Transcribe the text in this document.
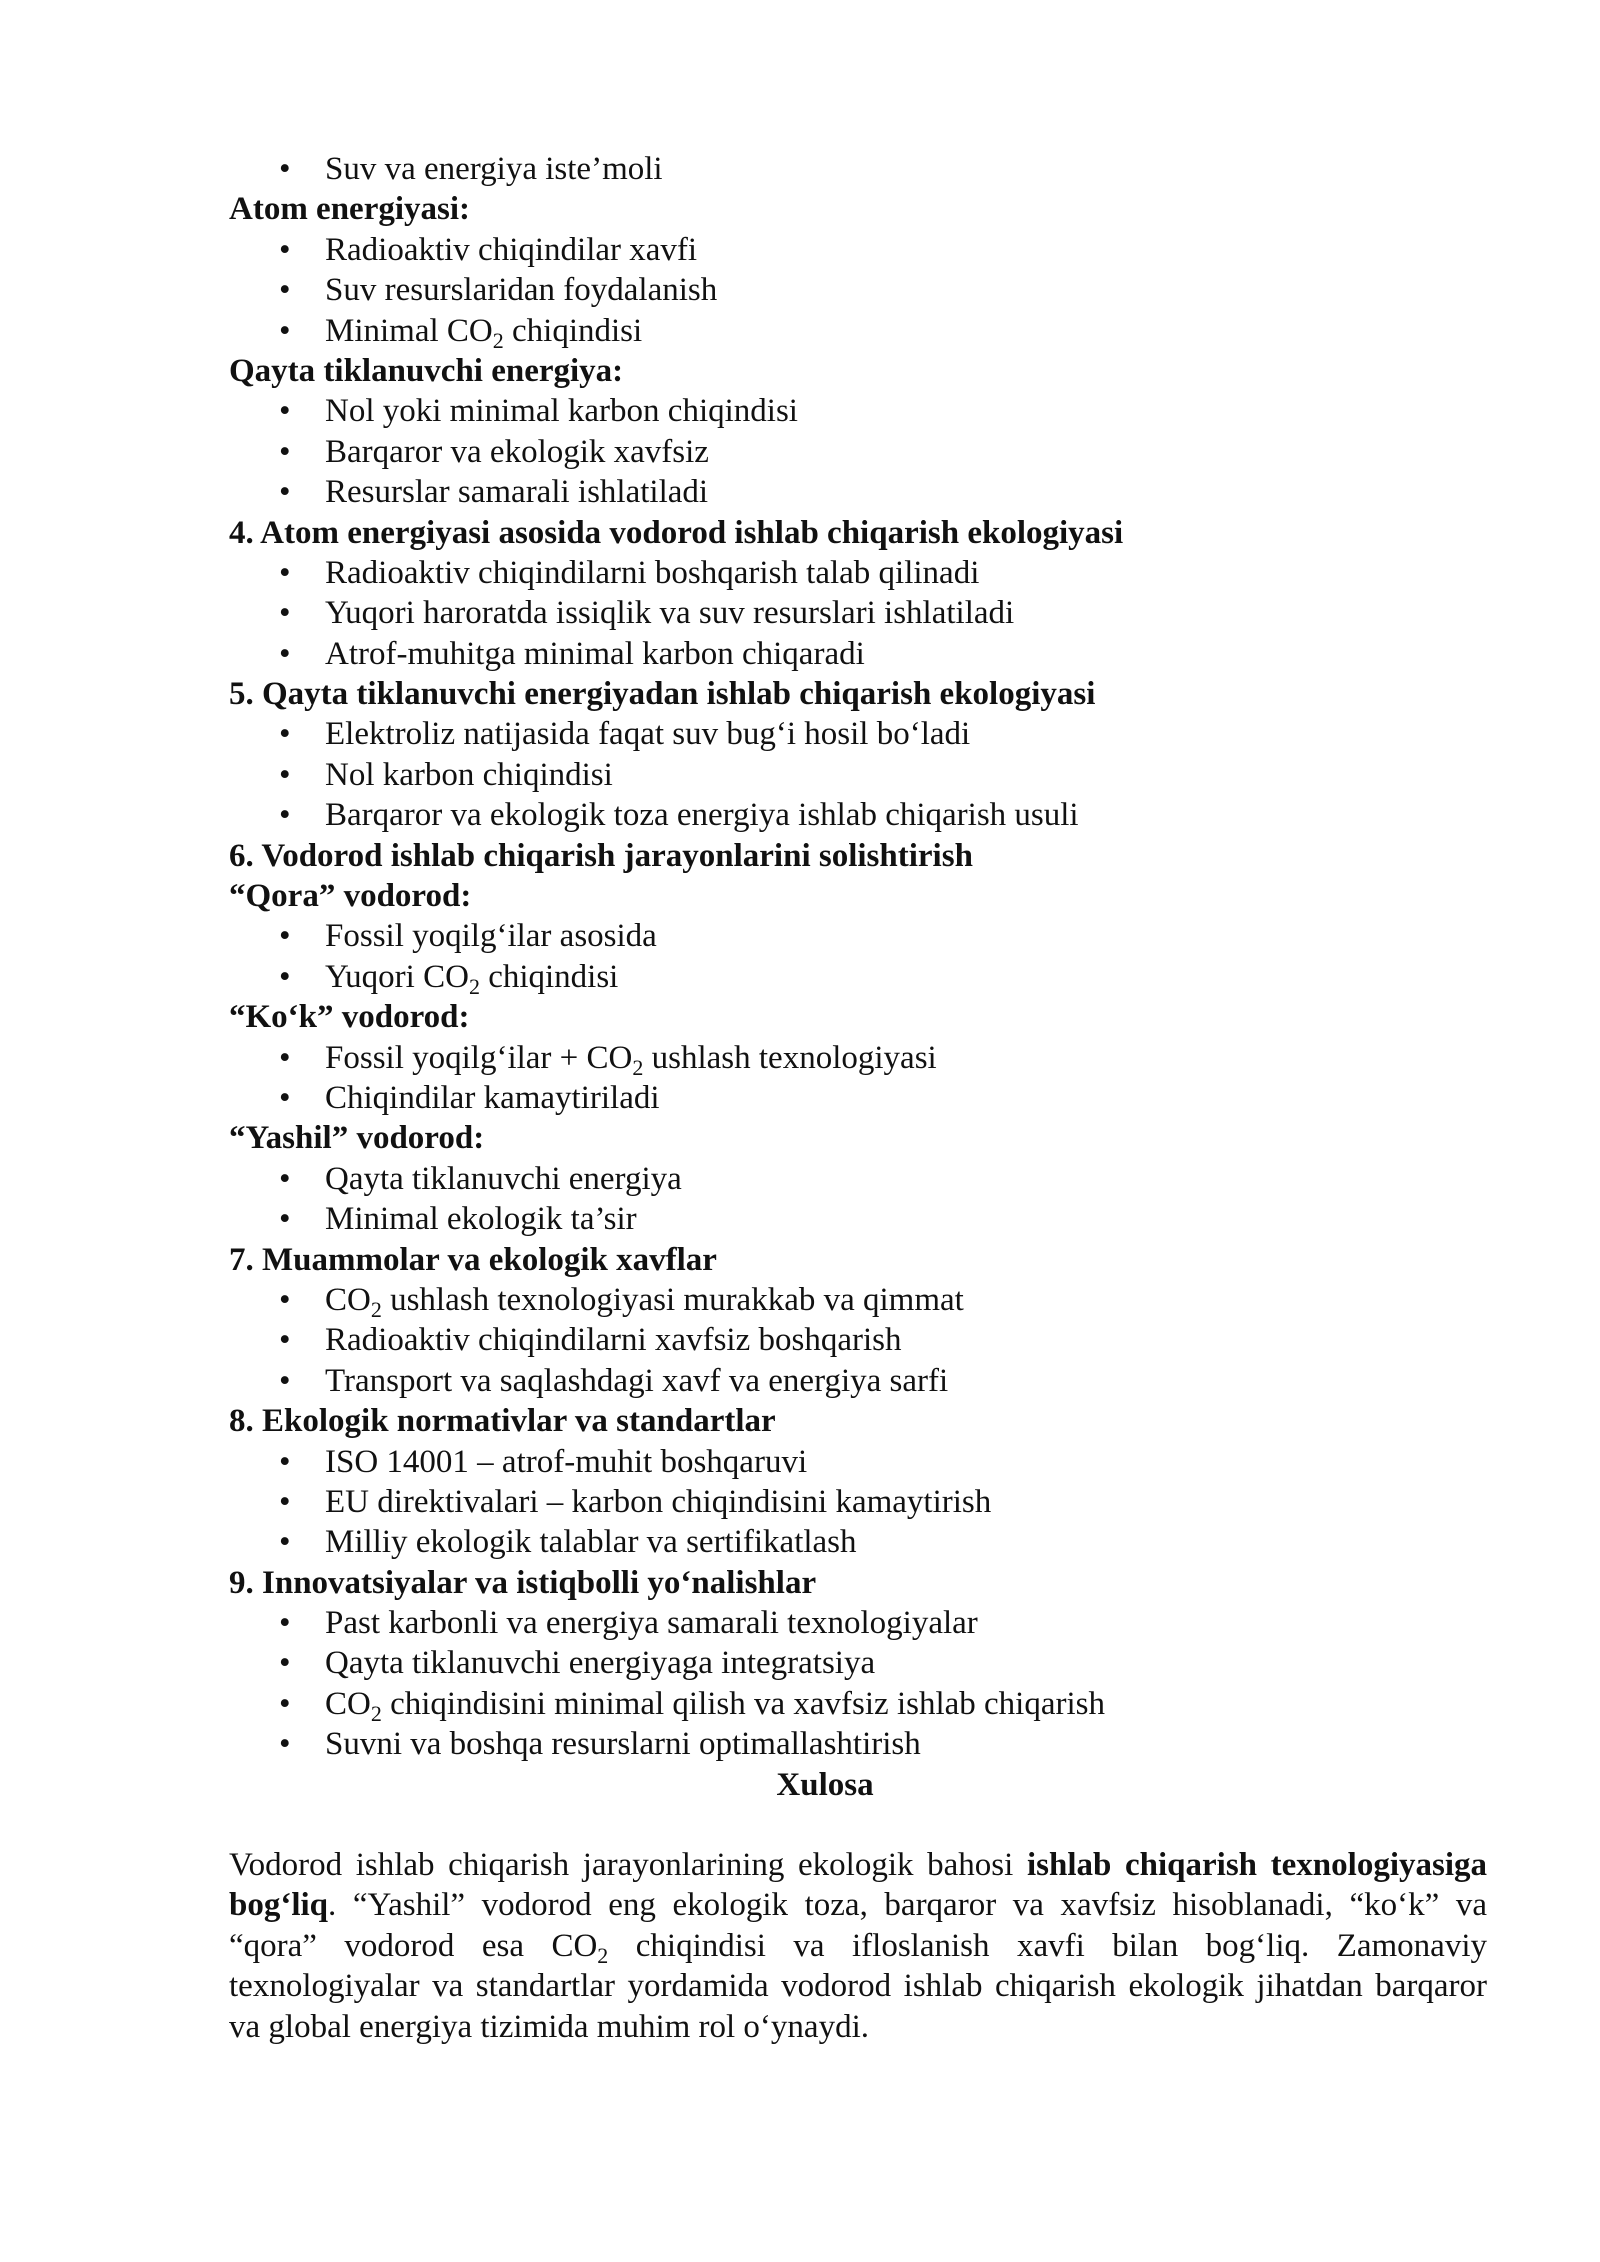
• Suv va energiya iste’moli
Atom energiyasi:
• Radioaktiv chiqindilar xavfi
• Suv resurslaridan foydalanish
• Minimal $CO_2$ chiqindisi
Qayta tiklanuvchi energiya:
• Nol yoki minimal karbon chiqindisi
• Barqaror va ekologik xavfsiz
• Resurslar samarali ishlatiladi
4. Atom energiyasi asosida vodorod ishlab chiqarish ekologiyasi
• Radioaktiv chiqindilarni boshqarish talab qilinadi
• Yuqori haroratda issiqlik va suv resurslari ishlatiladi
• Atrof-muhitga minimal karbon chiqaradi
5. Qayta tiklanuvchi energiyadan ishlab chiqarish ekologiyasi
• Elektroliz natijasida faqat suv bug‘i hosil bo‘ladi
• Nol karbon chiqindisi
• Barqaror va ekologik toza energiya ishlab chiqarish usuli
6. Vodorod ishlab chiqarish jarayonlarini solishtirish
“Qora” vodorod:
• Fossil yoqilg‘ilar asosida
• Yuqori $CO_2$ chiqindisi
“Ko‘k” vodorod:
• Fossil yoqilg‘ilar + $CO_2$ ushlash texnologiyasi
• Chiqindilar kamaytiriladi
“Yashil” vodorod:
• Qayta tiklanuvchi energiya
• Minimal ekologik ta’sir
7. Muammolar va ekologik xavflar
• $CO_2$ ushlash texnologiyasi murakkab va qimmat
• Radioaktiv chiqindilarni xavfsiz boshqarish
• Transport va saqlashdagi xavf va energiya sarfi
8. Ekologik normativlar va standartlar
• ISO 14001 – atrof-muhit boshqaruvi
• EU direktivalari – karbon chiqindisini kamaytirish
• Milliy ekologik talablar va sertifikatlash
9. Innovatsiyalar va istiqbolli yo‘nalishlar
• Past karbonli va energiya samarali texnologiyalar
• Qayta tiklanuvchi energiyaga integratsiya
• $CO_2$ chiqindisini minimal qilish va xavfsiz ishlab chiqarish
• Suvni va boshqa resurslarni optimallashtirish
Xulosa
Vodorod ishlab chiqarish jarayonlarining ekologik bahosi ishlab chiqarish texnologiyasiga bog‘liq. “Yashil” vodorod eng ekologik toza, barqaror va xavfsiz hisoblanadi, “ko‘k” va “qora” vodorod esa $CO_2$ chiqindisi va ifloslanish xavfi bilan bog‘liq. Zamonaviy texnologiyalar va standartlar yordamida vodorod ishlab chiqarish ekologik jihatdan barqaror va global energiya tizimida muhim rol o‘ynaydi.
